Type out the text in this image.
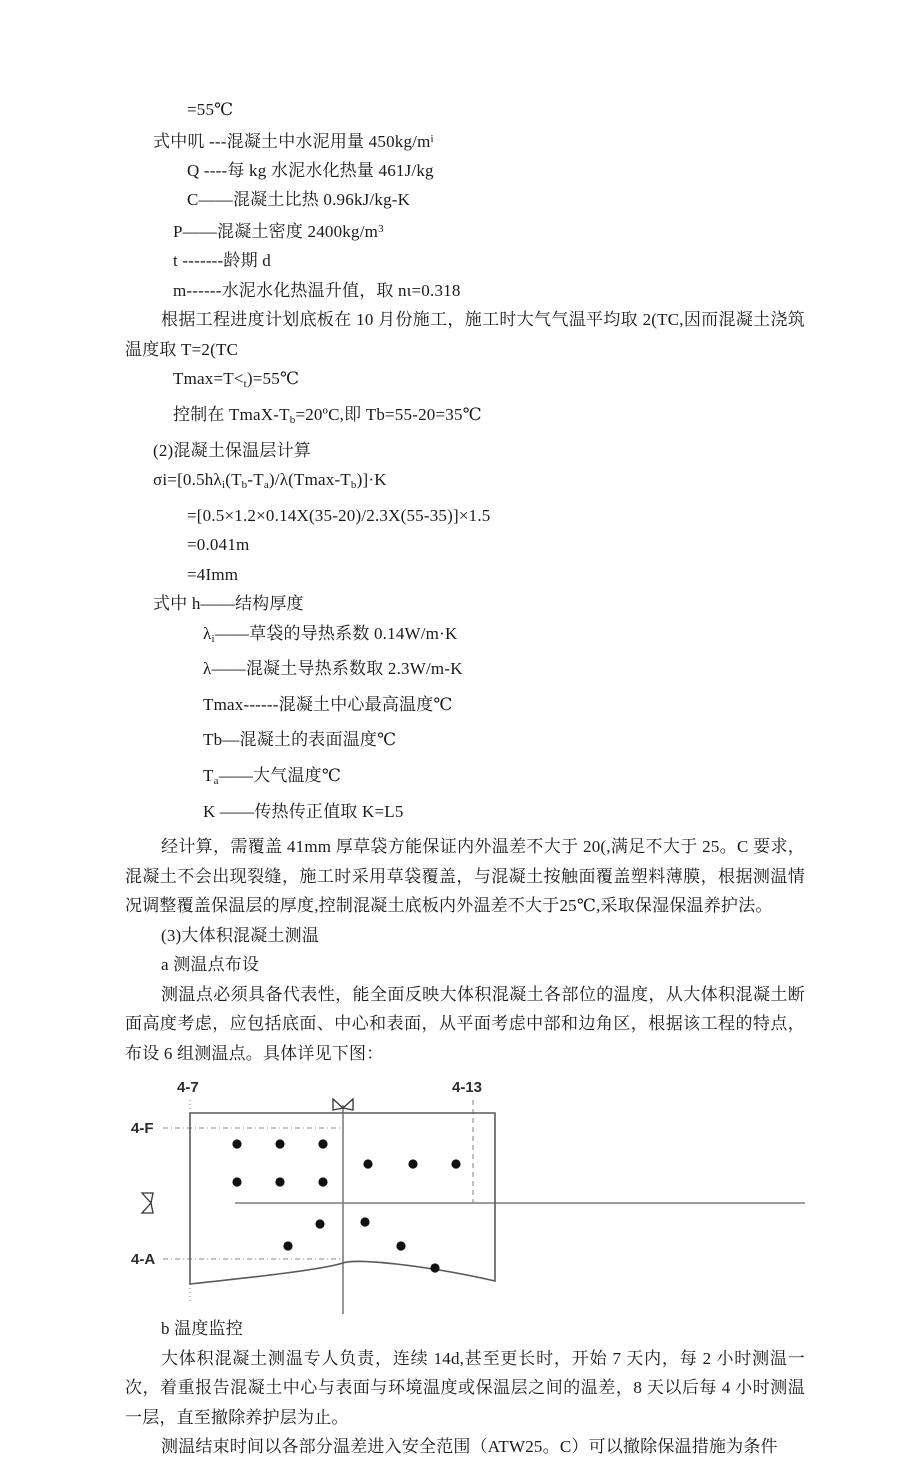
=55℃
式中叽 ---混凝土中水泥用量 $450kg/m^i$
Q ----每 kg 水泥水化热量 461J/kg
C——混凝土比热 0.96kJ/kg-K
P——混凝土密度 $2400kg/m^3$
t -------龄期 d
m------水泥水化热温升值，取 nι=0.318
根据工程进度计划底板在 10 月份施工，施工时大气气温平均取 2(TC,因而混凝土浇筑温度取 T=2(TC
$Tmax=T<_t)=55℃$
控制在 TmaX-$T_b=20ºC$,即 Tb=55-20=35℃
(2)混凝土保温层计算
$\sigma i=[0.5h\lambda_i(T_b-T_a)/\lambda(Tmax-T_b)]\cdot K$
=[0.5×1.2×0.14X(35-20)/2.3X(55-35)]×1.5
=0.041m
=4Imm
式中 h——结构厚度
$\lambda_i——$草袋的导热系数 0.14W/m·K
λ——混凝土导热系数取 2.3W/m-K
Tmax------混凝土中心最高温度℃
Tb—混凝土的表面温度℃
$T_a——$大气温度℃
K ——传热传正值取 K=L5
经计算，需覆盖 41mm 厚草袋方能保证内外温差不大于 20(,满足不大于 25。C 要求，混凝土不会出现裂缝，施工时采用草袋覆盖，与混凝土按触面覆盖塑料薄膜，根据测温情况调整覆盖保温层的厚度,控制混凝土底板内外温差不大于25℃,采取保湿保温养护法。
(3)大体积混凝土测温
a 测温点布设
测温点必须具备代表性，能全面反映大体积混凝土各部位的温度，从大体积混凝土断面高度考虑，应包括底面、中心和表面，从平面考虑中部和边角区，根据该工程的特点，布设 6 组测温点。具体详见下图：
4-7	4-13
4-F
4-A
b 温度监控
大体积混凝土测温专人负责，连续 14d,甚至更长时，开始 7 天内，每 2 小时测温一次，着重报告混凝土中心与表面与环境温度或保温层之间的温差，8 天以后每 4 小时测温一层，直至撤除养护层为止。
测温结束时间以各部分温差进入安全范围（ATW25。C）可以撤除保温措施为条件
